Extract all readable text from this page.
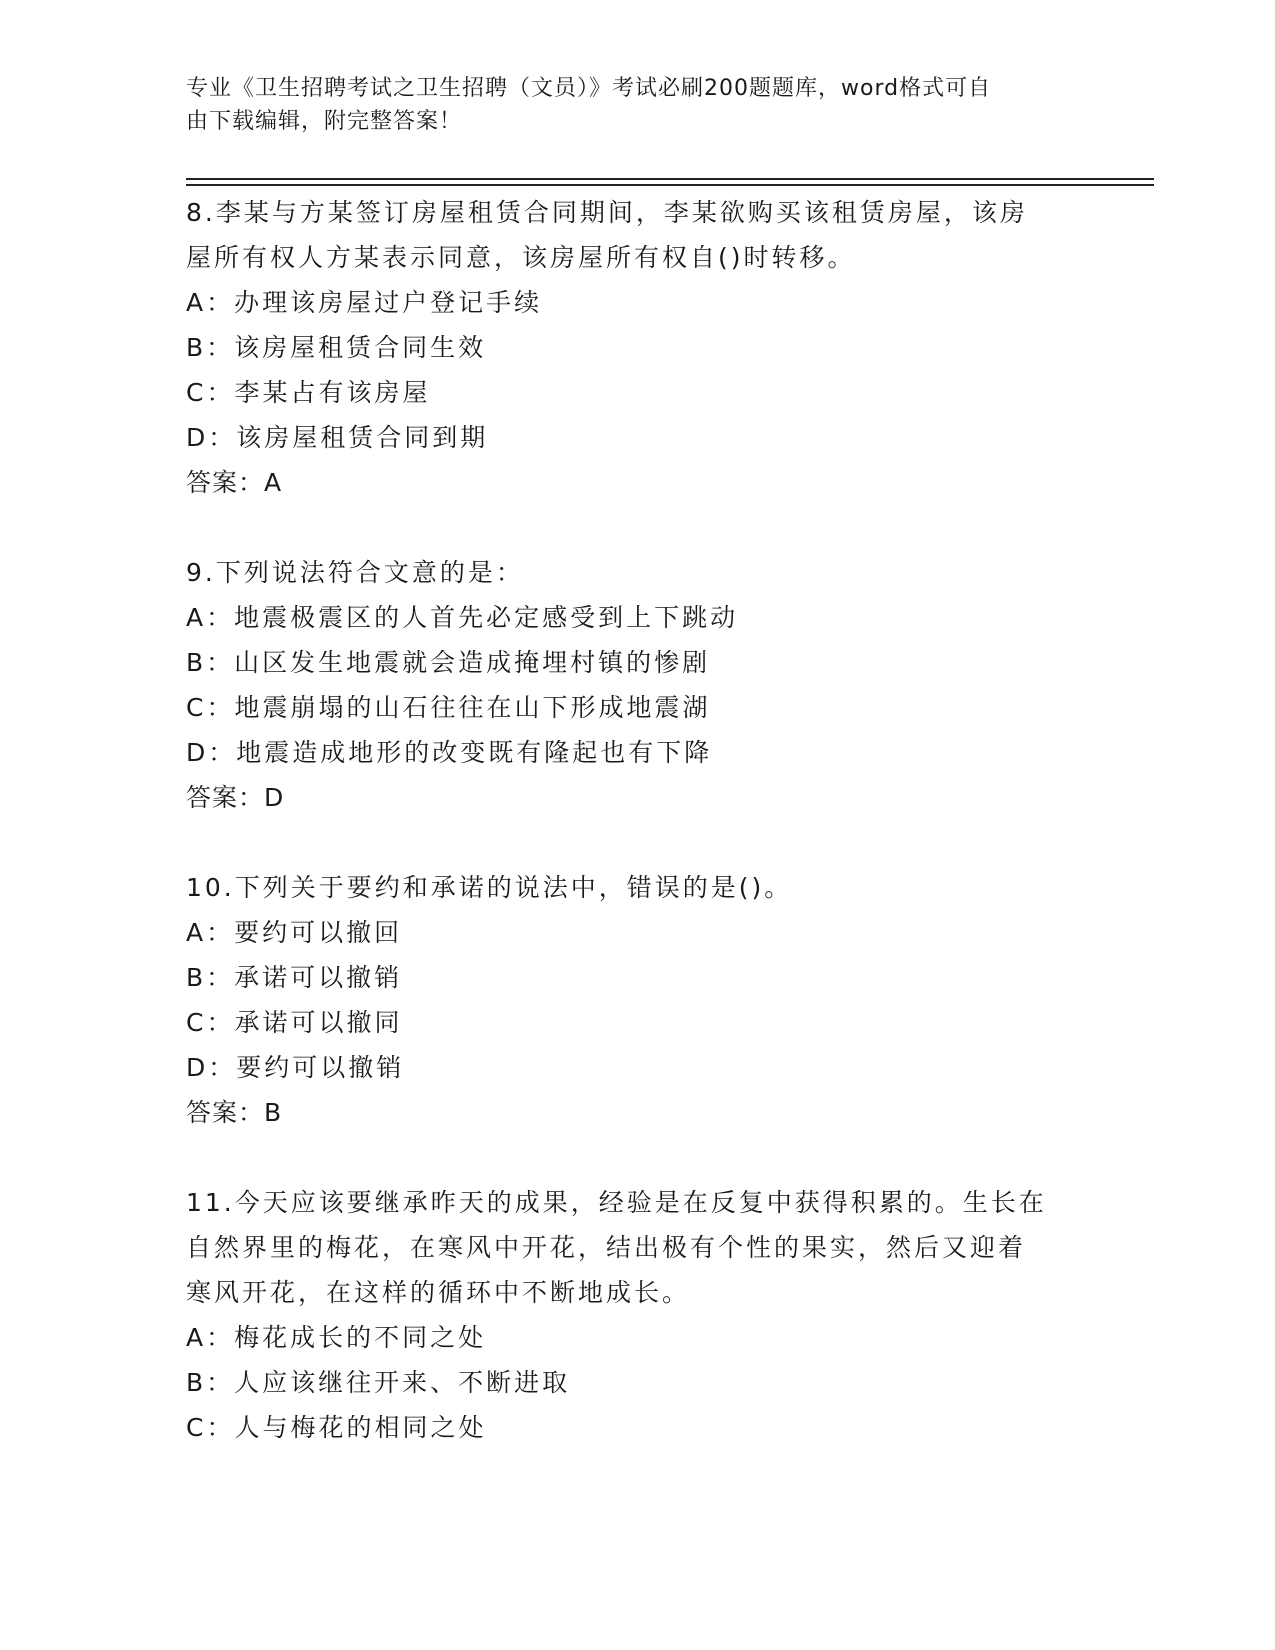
专业《卫生招聘考试之卫生招聘（文员）》考试必刷200题题库，word格式可自
由下载编辑，附完整答案！

8.李某与方某签订房屋租赁合同期间，李某欲购买该租赁房屋，该房

屋所有权人方某表示同意，该房屋所有权自()时转移。

A：办理该房屋过户登记手续

B：该房屋租赁合同生效

C：李某占有该房屋

D：该房屋租赁合同到期

答案：A

9.下列说法符合文意的是：

A：地震极震区的人首先必定感受到上下跳动

B：山区发生地震就会造成掩埋村镇的惨剧

C：地震崩塌的山石往往在山下形成地震湖

D：地震造成地形的改变既有隆起也有下降

答案：D

10.下列关于要约和承诺的说法中，错误的是()。

A：要约可以撤回

B：承诺可以撤销

C：承诺可以撤同

D：要约可以撤销

答案：B

11.今天应该要继承昨天的成果，经验是在反复中获得积累的。生长在

自然界里的梅花，在寒风中开花，结出极有个性的果实，然后又迎着

寒风开花，在这样的循环中不断地成长。

A：梅花成长的不同之处

B：人应该继往开来、不断进取

C：人与梅花的相同之处
